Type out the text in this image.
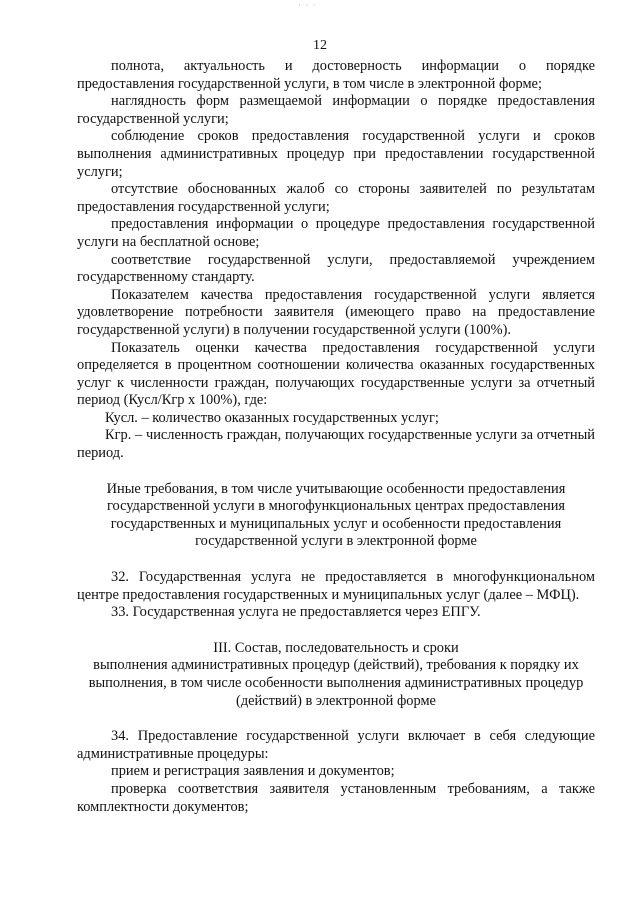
· · ·
12

полнота, актуальность и достоверность информации о порядке предоставления государственной услуги, в том числе в электронной форме;

наглядность форм размещаемой информации о порядке предоставления государственной услуги;

соблюдение сроков предоставления государственной услуги и сроков выполнения административных процедур при предоставлении государственной услуги;

отсутствие обоснованных жалоб со стороны заявителей по результатам предоставления государственной услуги;

предоставления информации о процедуре предоставления государственной услуги на бесплатной основе;

соответствие государственной услуги, предоставляемой учреждением государственному стандарту.

Показателем качества предоставления государственной услуги является удовлетворение потребности заявителя (имеющего право на предоставление государственной услуги) в получении государственной услуги (100%).

Показатель оценки качества предоставления государственной услуги определяется в процентном соотношении количества оказанных государственных услуг к численности граждан, получающих государственные услуги за отчетный период (Кусл/Кгр х 100%), где:

Кусл. – количество оказанных государственных услуг;

Кгр. – численность граждан, получающих государственные услуги за отчетный период.

Иные требования, в том числе учитывающие особенности предоставления государственной услуги в многофункциональных центрах предоставления государственных и муниципальных услуг и особенности предоставления государственной услуги в электронной форме

32. Государственная услуга не предоставляется в многофункциональном центре предоставления государственных и муниципальных услуг (далее – МФЦ).

33. Государственная услуга не предоставляется через ЕПГУ.

III. Состав, последовательность и сроки

выполнения административных процедур (действий), требования к порядку их выполнения, в том числе особенности выполнения административных процедур (действий) в электронной форме

34. Предоставление государственной услуги включает в себя следующие административные процедуры:

прием и регистрация заявления и документов;

проверка соответствия заявителя установленным требованиям, а также комплектности документов;
